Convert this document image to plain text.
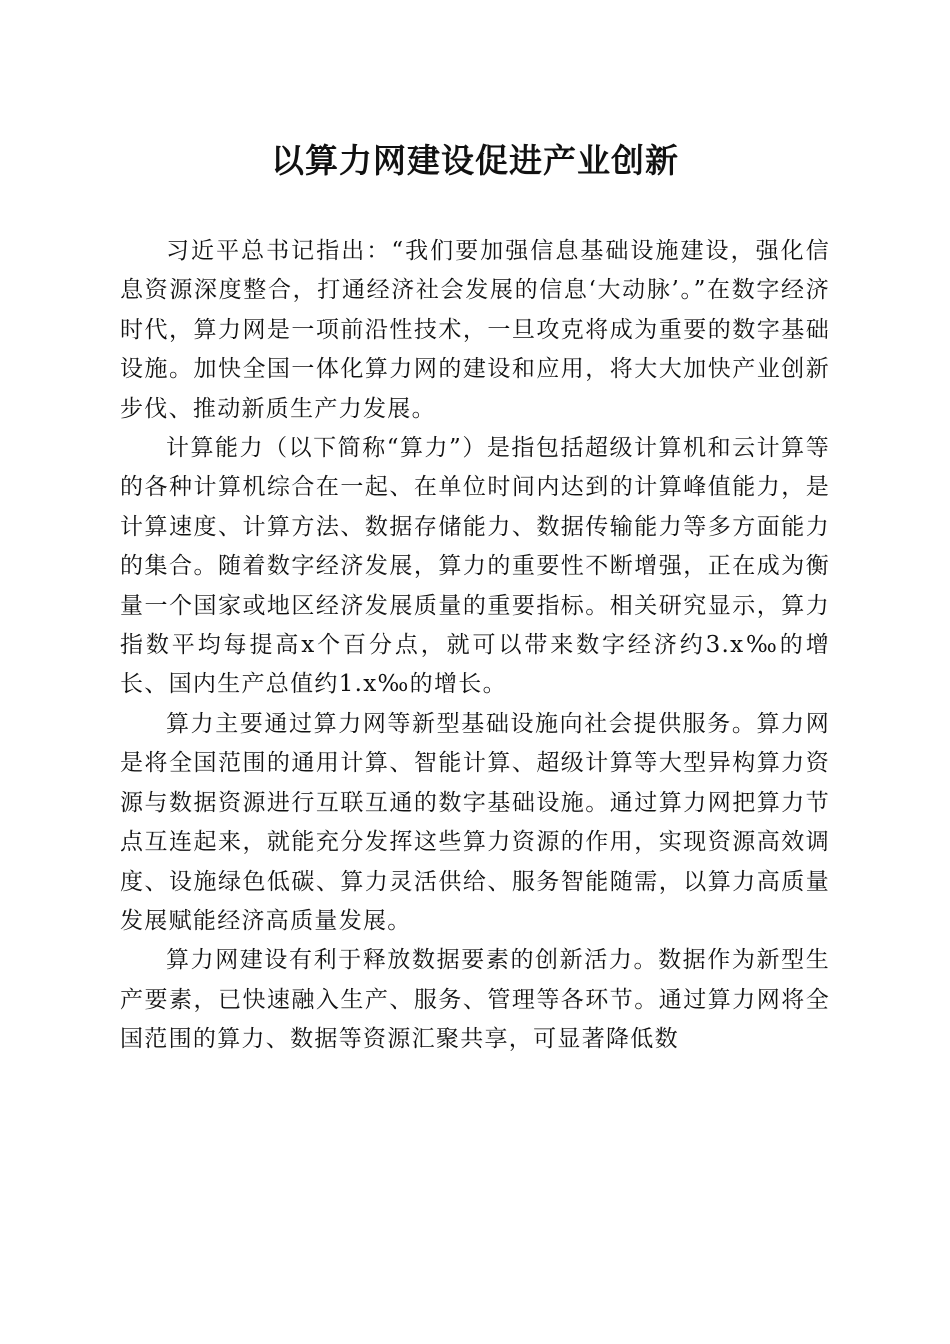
以算力网建设促进产业创新

习近平总书记指出：“我们要加强信息基础设施建设，强化信息资源深度整合，打通经济社会发展的信息‘大动脉’。”在数字经济时代，算力网是一项前沿性技术，一旦攻克将成为重要的数字基础设施。加快全国一体化算力网的建设和应用，将大大加快产业创新步伐、推动新质生产力发展。

计算能力（以下简称“算力”）是指包括超级计算机和云计算等的各种计算机综合在一起、在单位时间内达到的计算峰值能力，是计算速度、计算方法、数据存储能力、数据传输能力等多方面能力的集合。随着数字经济发展，算力的重要性不断增强，正在成为衡量一个国家或地区经济发展质量的重要指标。相关研究显示，算力指数平均每提高x个百分点，就可以带来数字经济约3.x‰的增长、国内生产总值约1.x‰的增长。

算力主要通过算力网等新型基础设施向社会提供服务。算力网是将全国范围的通用计算、智能计算、超级计算等大型异构算力资源与数据资源进行互联互通的数字基础设施。通过算力网把算力节点互连起来，就能充分发挥这些算力资源的作用，实现资源高效调度、设施绿色低碳、算力灵活供给、服务智能随需，以算力高质量发展赋能经济高质量发展。

算力网建设有利于释放数据要素的创新活力。数据作为新型生产要素，已快速融入生产、服务、管理等各环节。通过算力网将全国范围的算力、数据等资源汇聚共享，可显著降低数
